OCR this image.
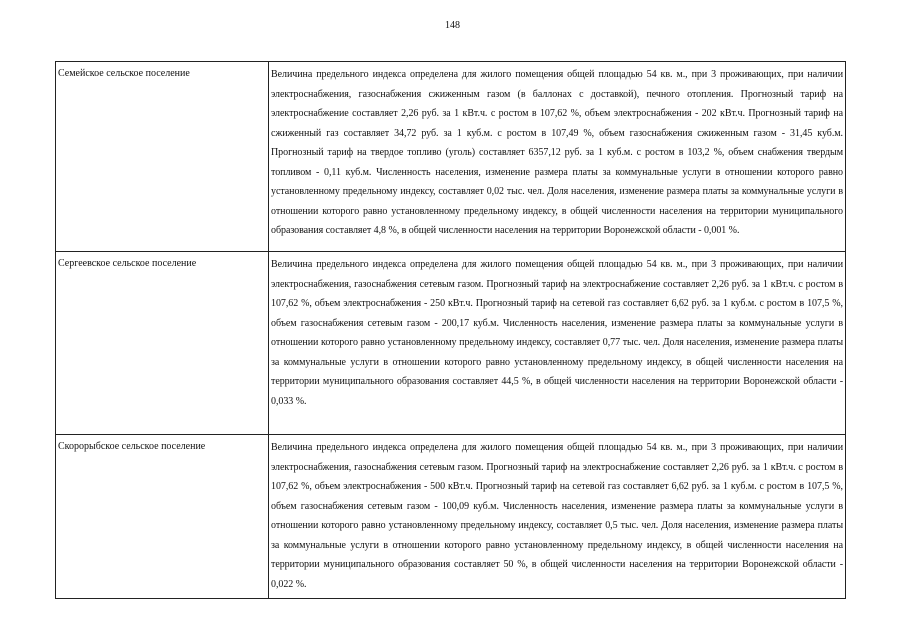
148
Семейское сельское поселение	Величина предельного индекса определена для жилого помещения общей площадью 54 кв. м., при 3 проживающих, при наличии электроснабжения, газоснабжения сжиженным газом (в баллонах с доставкой), печного отопления. Прогнозный тариф на электроснабжение составляет 2,26 руб. за 1 кВт.ч. с ростом в 107,62 %, объем электроснабжения - 202 кВт.ч. Прогнозный тариф на сжиженный газ составляет 34,72 руб. за 1 куб.м. с ростом в 107,49 %, объем газоснабжения сжиженным газом - 31,45 куб.м. Прогнозный тариф на твердое топливо (уголь) составляет 6357,12 руб. за 1 куб.м. с ростом в 103,2 %, объем снабжения твердым топливом - 0,11 куб.м. Численность населения, изменение размера платы за коммунальные услуги в отношении которого равно установленному предельному индексу, составляет 0,02 тыс. чел. Доля населения, изменение размера платы за коммунальные услуги в отношении которого равно установленному предельному индексу, в общей численности населения на территории муниципального образования составляет 4,8 %, в общей численности населения на территории Воронежской области - 0,001 %.
Сергеевское сельское поселение	Величина предельного индекса определена для жилого помещения общей площадью 54 кв. м., при 3 проживающих, при наличии электроснабжения, газоснабжения сетевым газом. Прогнозный тариф на электроснабжение составляет 2,26 руб. за 1 кВт.ч. с ростом в 107,62 %, объем электроснабжения - 250 кВт.ч. Прогнозный тариф на сетевой газ составляет 6,62 руб. за 1 куб.м. с ростом в 107,5 %, объем газоснабжения сетевым газом - 200,17 куб.м. Численность населения, изменение размера платы за коммунальные услуги в отношении которого равно установленному предельному индексу, составляет 0,77 тыс. чел. Доля населения, изменение размера платы за коммунальные услуги в отношении которого равно установленному предельному индексу, в общей численности населения на территории муниципального образования составляет 44,5 %, в общей численности населения на территории Воронежской области - 0,033 %.
Скорорыбское сельское поселение	Величина предельного индекса определена для жилого помещения общей площадью 54 кв. м., при 3 проживающих, при наличии электроснабжения, газоснабжения сетевым газом. Прогнозный тариф на электроснабжение составляет 2,26 руб. за 1 кВт.ч. с ростом в 107,62 %, объем электроснабжения - 500 кВт.ч. Прогнозный тариф на сетевой газ составляет 6,62 руб. за 1 куб.м. с ростом в 107,5 %, объем газоснабжения сетевым газом - 100,09 куб.м. Численность населения, изменение размера платы за коммунальные услуги в отношении которого равно установленному предельному индексу, составляет 0,5 тыс. чел. Доля населения, изменение размера платы за коммунальные услуги в отношении которого равно установленному предельному индексу, в общей численности населения на территории муниципального образования составляет 50 %, в общей численности населения на территории Воронежской области - 0,022 %.
